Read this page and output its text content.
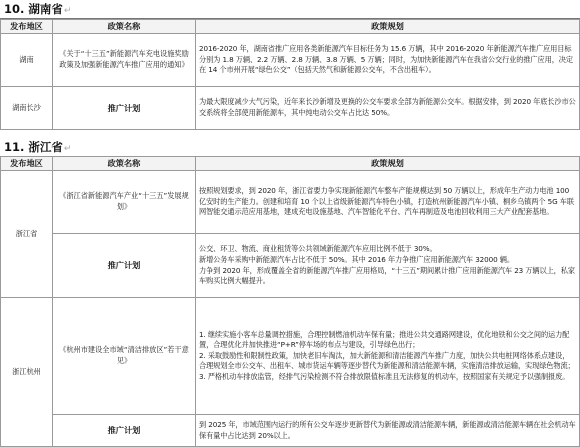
10. 湖南省↵
发布地区	政策名称	政策规划
湖南	《关于“十三五”新能源汽车充电设施奖励政策及加强新能源汽车推广应用的通知》	2016-2020 年，湖南省推广应用各类新能源汽车目标任务为 15.6 万辆，其中 2016-2020 年新能源汽车推广应用目标分别为 1.8 万辆、2.2 万辆、2.8 万辆、3.8 万辆、5 万辆；同时，为加快新能源汽车在我省公交行业的推广应用，决定在 14 个市州开展“绿色公交”（包括天然气和新能源公交车，不含出租车）。

湖南长沙	推广计划	为最大限度减少大气污染，近年来长沙新增及更换的公交车要求全部为新能源公交车。根据安排，到 2020 年底长沙市公交系统将全部使用新能源车，其中纯电动公交车占比达 50%。
11. 浙江省↵
发布地区	政策名称	政策规划
浙江省	《浙江省新能源汽车产业“十三五”发展规划》	按照规划要求，到 2020 年，浙江省要力争实现新能源汽车整车产能规模达到 50 万辆以上，形成年生产动力电池 100 亿安时的生产能力。创建和培育 10 个以上省级新能源汽车特色小镇，打造杭州新能源汽车小镇、桐乡乌镇两个 5G 车联网智能交通示范应用基地，建成充电设施基地、汽车智能化平台、汽车再制造及电池回收利用三大产业配套基地。

	推广计划	公交、环卫、物流、商业租赁等公共领域新能源汽车应用比例不低于 30%。
新增公务车采购中新能源汽车占比不低于 50%。其中 2016 年力争推广应用新能源汽车 32000 辆。
力争到 2020 年，形成覆盖全省的新能源汽车推广应用格局，“十三五”期间累计推广应用新能源汽车 23 万辆以上，私家车购买比例大幅提升。

浙江杭州	《杭州市建设全市域“清洁排放区”若干意见》	1. 继续实施小客车总量调控措施，合理控制燃油机动车保有量；推进公共交通路网建设，优化地铁和公交之间的运力配置，合理优化并加快推进“P+R”停车场的布点与建设，引导绿色出行；
2. 采取鼓励性和限制性政策，加快老旧车淘汰，加大新能源和清洁能源汽车推广力度，加快公共电桩网络体系点建设，合理规划全市公交车、出租车、城市货运车辆等逐步替代为新能源和清洁能源车辆，实施清洁排放运输，实现绿色物流；
3. 严格机动车排放监管，经排气污染检测不符合排放限值标准且无法修复的机动车，按照国家有关规定予以强制报废。

	推广计划	到 2025 年，市域范围内运行的所有公交车逐步更新替代为新能源或清洁能源车辆，新能源或清洁能源车辆在社会机动车保有量中占比达到 20%以上。
